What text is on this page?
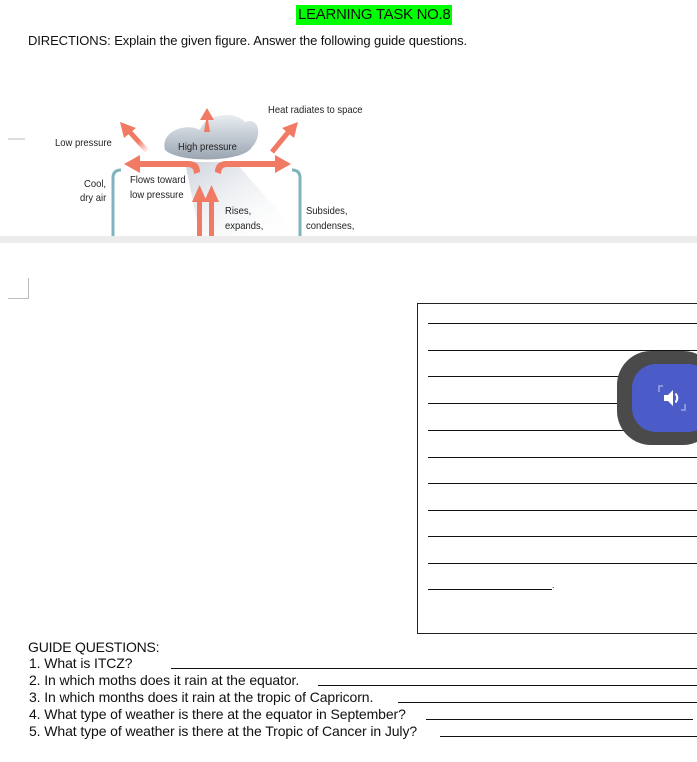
LEARNING TASK NO.8
DIRECTIONS: Explain the given figure. Answer the following guide questions.
Heat radiates to space
Low pressure	High pressure
Cool,
dry air
Flows toward
low pressure
Rises,
expands,
Subsides,
condenses,
.
GUIDE QUESTIONS:
1. What is ITCZ?
2. In which moths does it rain at the equator.
3. In which months does it rain at the tropic of Capricorn.
4. What type of weather is there at the equator in September?
5. What type of weather is there at the Tropic of Cancer in July?
